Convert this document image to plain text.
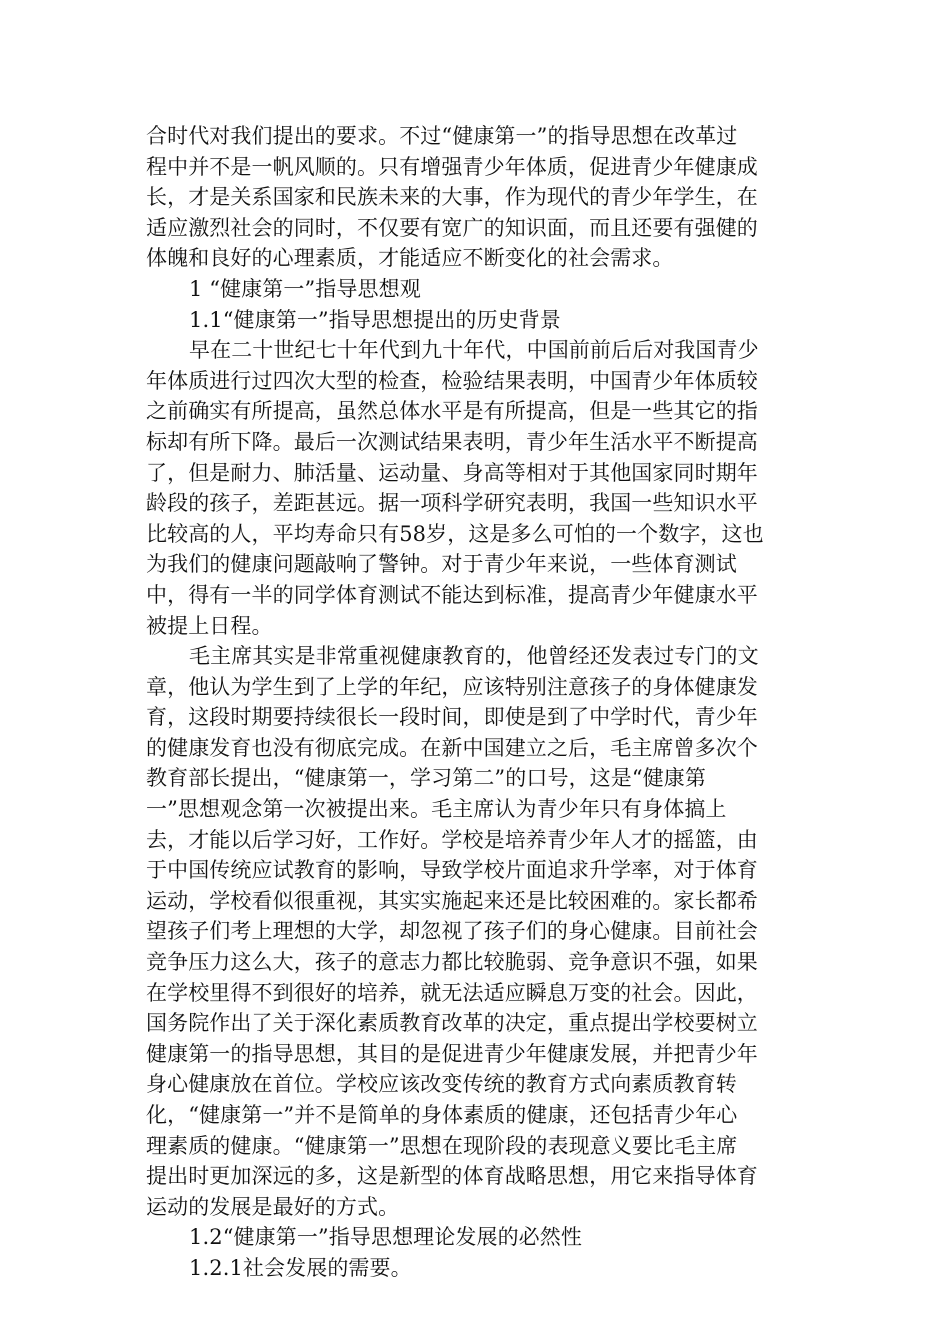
合时代对我们提出的要求。不过“健康第一”的指导思想在改革过
程中并不是一帆风顺的。只有增强青少年体质，促进青少年健康成
长，才是关系国家和民族未来的大事，作为现代的青少年学生，在
适应激烈社会的同时，不仅要有宽广的知识面，而且还要有强健的
体魄和良好的心理素质，才能适应不断变化的社会需求。
1 “健康第一”指导思想观
1.1“健康第一”指导思想提出的历史背景
早在二十世纪七十年代到九十年代，中国前前后后对我国青少
年体质进行过四次大型的检查，检验结果表明，中国青少年体质较
之前确实有所提高，虽然总体水平是有所提高，但是一些其它的指
标却有所下降。最后一次测试结果表明，青少年生活水平不断提高
了，但是耐力、肺活量、运动量、身高等相对于其他国家同时期年
龄段的孩子，差距甚远。据一项科学研究表明，我国一些知识水平
比较高的人，平均寿命只有58岁，这是多么可怕的一个数字，这也
为我们的健康问题敲响了警钟。对于青少年来说，一些体育测试
中，得有一半的同学体育测试不能达到标准，提高青少年健康水平
被提上日程。
毛主席其实是非常重视健康教育的，他曾经还发表过专门的文
章，他认为学生到了上学的年纪，应该特别注意孩子的身体健康发
育，这段时期要持续很长一段时间，即使是到了中学时代，青少年
的健康发育也没有彻底完成。在新中国建立之后，毛主席曾多次个
教育部长提出，“健康第一，学习第二”的口号，这是“健康第
一”思想观念第一次被提出来。毛主席认为青少年只有身体搞上
去，才能以后学习好，工作好。学校是培养青少年人才的摇篮，由
于中国传统应试教育的影响，导致学校片面追求升学率，对于体育
运动，学校看似很重视，其实实施起来还是比较困难的。家长都希
望孩子们考上理想的大学，却忽视了孩子们的身心健康。目前社会
竞争压力这么大，孩子的意志力都比较脆弱、竞争意识不强，如果
在学校里得不到很好的培养，就无法适应瞬息万变的社会。因此，
国务院作出了关于深化素质教育改革的决定，重点提出学校要树立
健康第一的指导思想，其目的是促进青少年健康发展，并把青少年
身心健康放在首位。学校应该改变传统的教育方式向素质教育转
化，“健康第一”并不是简单的身体素质的健康，还包括青少年心
理素质的健康。“健康第一”思想在现阶段的表现意义要比毛主席
提出时更加深远的多，这是新型的体育战略思想，用它来指导体育
运动的发展是最好的方式。
1.2“健康第一”指导思想理论发展的必然性
1.2.1社会发展的需要。
